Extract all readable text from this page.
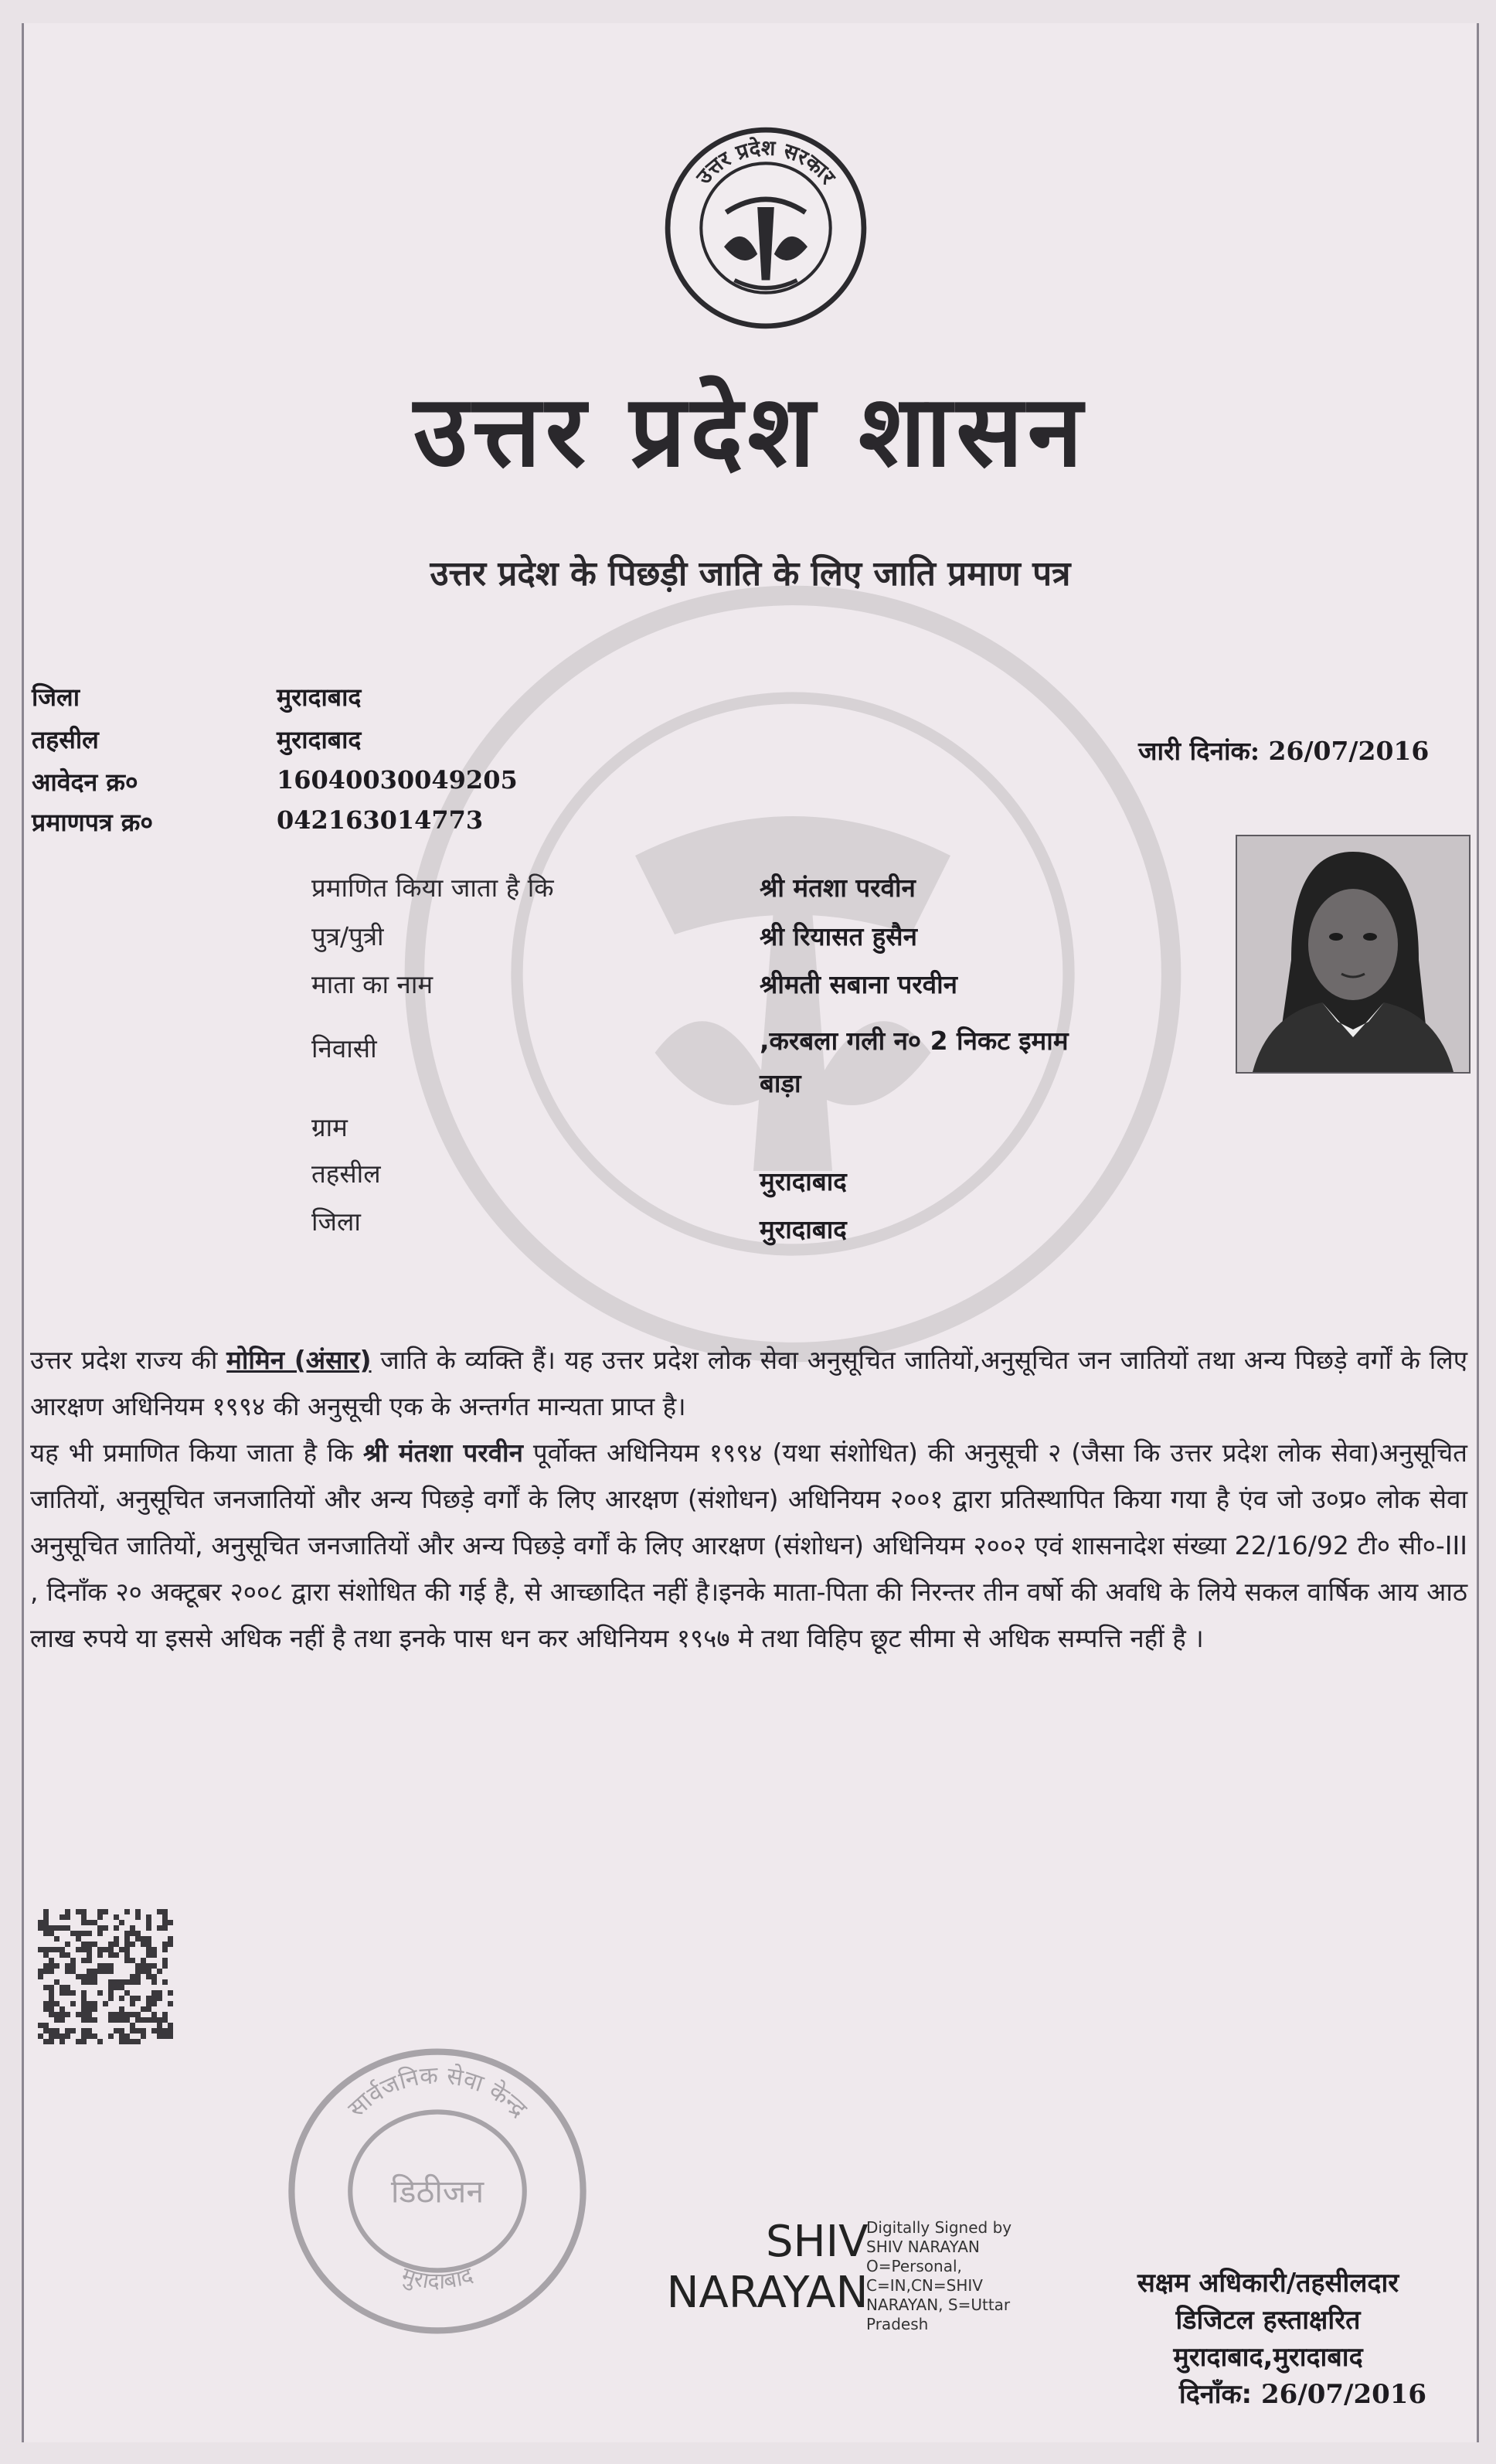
उत्तर प्रदेश सरकार
उत्तर प्रदेश शासन
उत्तर प्रदेश के पिछड़ी जाति के लिए जाति प्रमाण पत्र
जिला	मुरादाबाद
तहसील	मुरादाबाद
आवेदन क्र०	16040030049205
प्रमाणपत्र क्र०	042163014773
जारी दिनांक: 26/07/2016
प्रमाणित किया जाता है कि	श्री मंतशा परवीन
पुत्र/पुत्री	श्री रियासत हुसैन
माता का नाम	श्रीमती सबाना परवीन
निवासी	,करबला गली न० 2 निकट इमाम
बाड़ा
ग्राम
तहसील	मुरादाबाद
जिला	मुरादाबाद

उत्तर प्रदेश राज्य की मोमिन (अंसार) जाति के व्यक्ति हैं। यह उत्तर प्रदेश लोक सेवा अनुसूचित जातियों,अनुसूचित जन जातियों तथा अन्य पिछड़े वर्गों के लिए आरक्षण अधिनियम १९९४ की अनुसूची एक के अन्तर्गत मान्यता प्राप्त है।

यह भी प्रमाणित किया जाता है कि श्री मंतशा परवीन पूर्वोक्त अधिनियम १९९४ (यथा संशोधित) की अनुसूची २ (जैसा कि उत्तर प्रदेश लोक सेवा)अनुसूचित जातियों, अनुसूचित जनजातियों और अन्य पिछड़े वर्गों के लिए आरक्षण (संशोधन) अधिनियम २००१ द्वारा प्रतिस्थापित किया गया है एंव जो उ०प्र० लोक सेवा अनुसूचित जातियों, अनुसूचित जनजातियों और अन्य पिछड़े वर्गों के लिए आरक्षण (संशोधन) अधिनियम २००२ एवं शासनादेश संख्या 22/16/92 टी० सी०-III , दिनाँक २० अक्टूबर २००८ द्वारा संशोधित की गई है, से आच्छादित नहीं है।इनके माता-पिता की निरन्तर तीन वर्षो की अवधि के लिये सकल वार्षिक आय आठ लाख रुपये या इससे अधिक नहीं है तथा इनके पास धन कर अधिनियम १९५७ मे तथा विहिप छूट सीमा से अधिक सम्पत्ति नहीं है ।

सार्वजनिक सेवा केन्द्र
डिठीजन
मुरादाबाद
SHIV
NARAYAN
Digitally Signed by
SHIV NARAYAN
O=Personal,
C=IN,CN=SHIV
NARAYAN, S=Uttar
Pradesh
सक्षम अधिकारी/तहसीलदार
डिजिटल हस्ताक्षरित
मुरादाबाद,मुरादाबाद
दिनाँक: 26/07/2016
